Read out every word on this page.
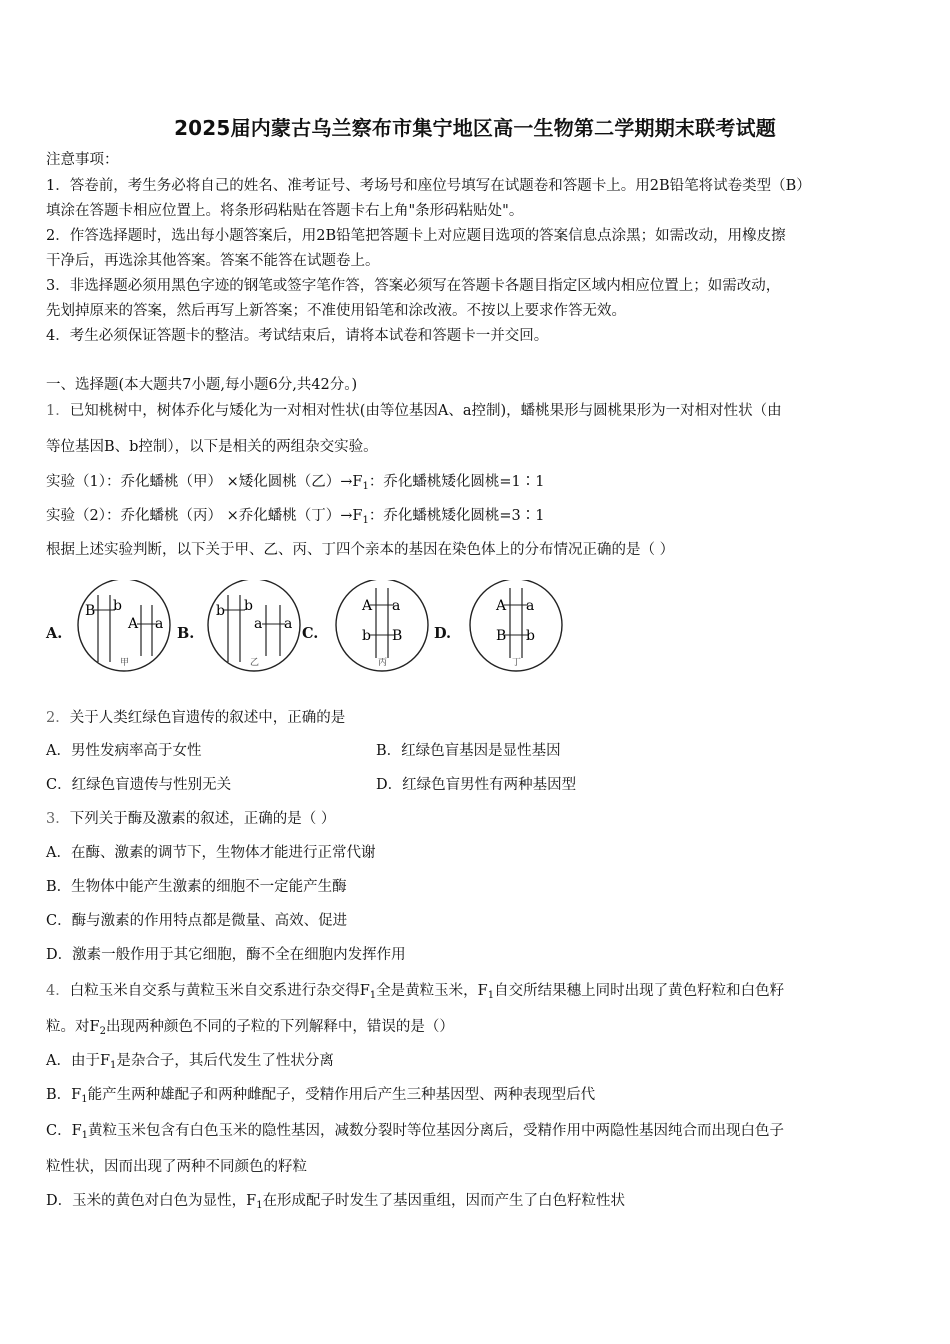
2025届内蒙古乌兰察布市集宁地区高一生物第二学期期末联考试题
注意事项：
1．答卷前，考生务必将自己的姓名、准考证号、考场号和座位号填写在试题卷和答题卡上。用2B铅笔将试卷类型（B）
填涂在答题卡相应位置上。将条形码粘贴在答题卡右上角"条形码粘贴处"。
2．作答选择题时，选出每小题答案后，用2B铅笔把答题卡上对应题目选项的答案信息点涂黑；如需改动，用橡皮擦
干净后，再选涂其他答案。答案不能答在试题卷上。
3．非选择题必须用黑色字迹的钢笔或签字笔作答，答案必须写在答题卡各题目指定区域内相应位置上；如需改动，
先划掉原来的答案，然后再写上新答案；不准使用铅笔和涂改液。不按以上要求作答无效。
4．考生必须保证答题卡的整洁。考试结束后，请将本试卷和答题卡一并交回。
一、选择题(本大题共7小题,每小题6分,共42分。)
1．已知桃树中，树体乔化与矮化为一对相对性状(由等位基因A、a控制)，蟠桃果形与圆桃果形为一对相对性状（由
等位基因B、b控制），以下是相关的两组杂交实验。
实验（1）：乔化蟠桃（甲） ×矮化圆桃（乙）$\to F_1$：乔化蟠桃矮化圆桃=1∶1
实验（2）：乔化蟠桃（丙） ×乔化蟠桃（丁）$\to F_1$：乔化蟠桃矮化圆桃=3∶1
根据上述实验判断，以下关于甲、乙、丙、丁四个亲本的基因在染色体上的分布情况正确的是（ ）
A.	B.	C.	D.
B b
A a
甲
b b
a a
乙
A a
b B
丙
A a
B b
丁
2．关于人类红绿色盲遗传的叙述中，正确的是
A．男性发病率高于女性	B．红绿色盲基因是显性基因
C．红绿色盲遗传与性别无关	D．红绿色盲男性有两种基因型
3．下列关于酶及激素的叙述，正确的是（ ）
A．在酶、激素的调节下，生物体才能进行正常代谢
B．生物体中能产生激素的细胞不一定能产生酶
C．酶与激素的作用特点都是微量、高效、促进
D．激素一般作用于其它细胞，酶不全在细胞内发挥作用
4．白粒玉米自交系与黄粒玉米自交系进行杂交得$F_1$全是黄粒玉米，$F_1$自交所结果穗上同时出现了黄色籽粒和白色籽
粒。对$F_2$出现两种颜色不同的子粒的下列解释中，错误的是（）
A．由于$F_1$是杂合子，其后代发生了性状分离
B．$F_1$能产生两种雄配子和两种雌配子，受精作用后产生三种基因型、两种表现型后代
C．$F_1$黄粒玉米包含有白色玉米的隐性基因，减数分裂时等位基因分离后，受精作用中两隐性基因纯合而出现白色子
粒性状，因而出现了两种不同颜色的籽粒
D．玉米的黄色对白色为显性，$F_1$在形成配子时发生了基因重组，因而产生了白色籽粒性状
